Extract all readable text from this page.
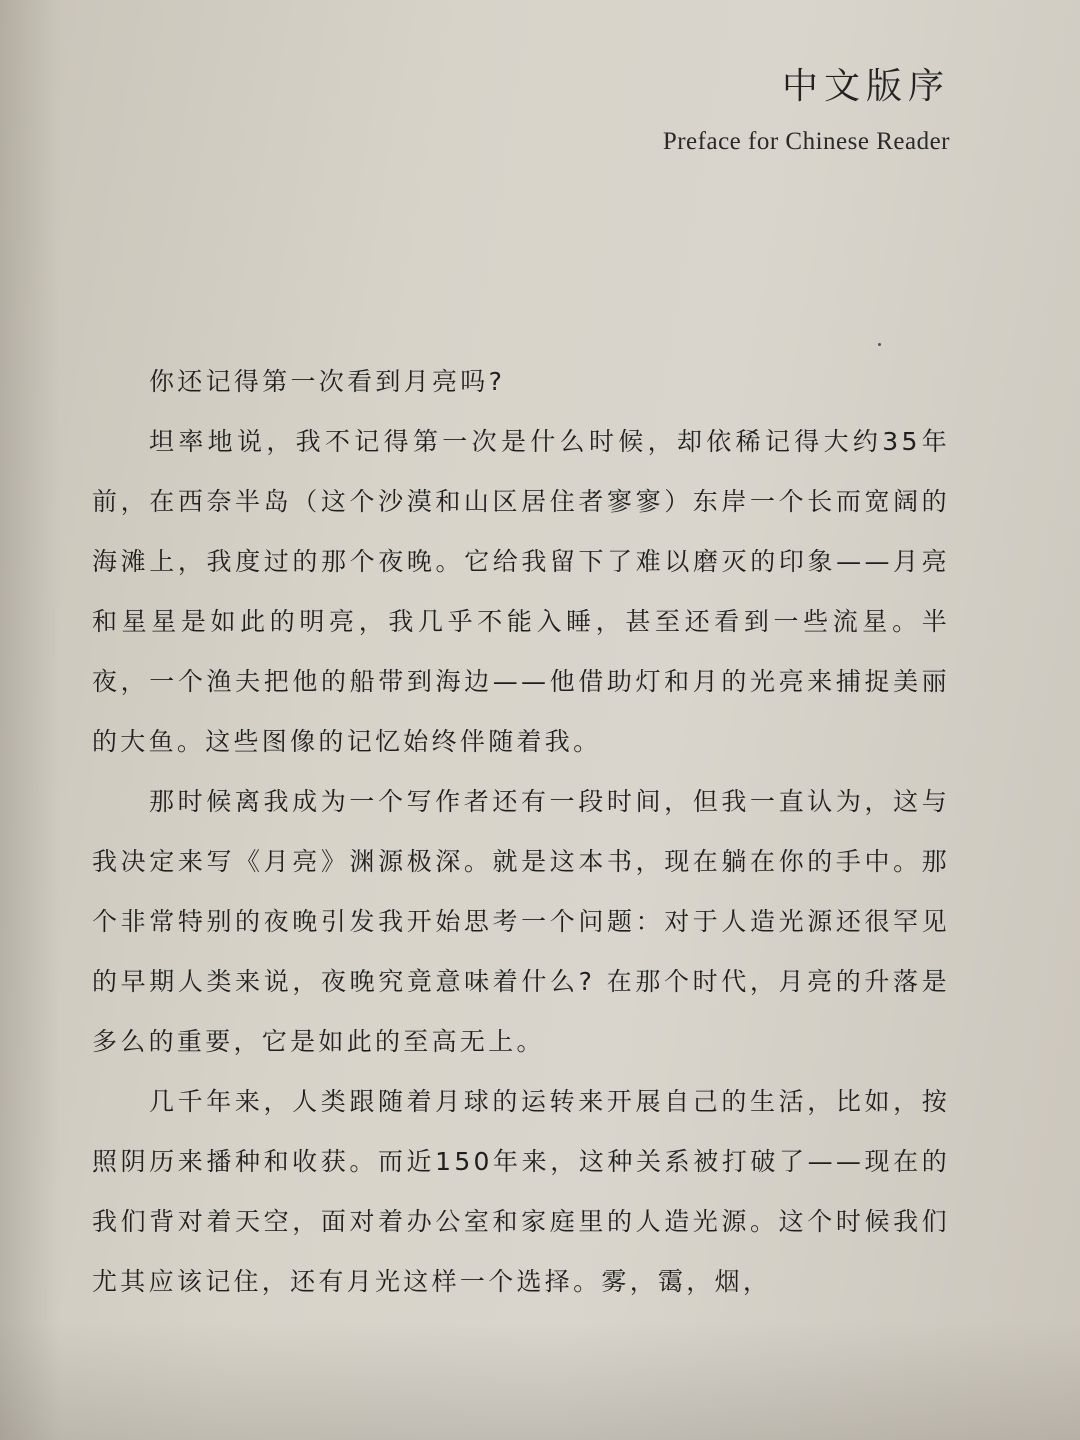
中文版序
Preface for Chinese Reader

你还记得第一次看到月亮吗?

坦率地说，我不记得第一次是什么时候，却依稀记得大约35年前，在西奈半岛（这个沙漠和山区居住者寥寥）东岸一个长而宽阔的海滩上，我度过的那个夜晚。它给我留下了难以磨灭的印象——月亮和星星是如此的明亮，我几乎不能入睡，甚至还看到一些流星。半夜，一个渔夫把他的船带到海边——他借助灯和月的光亮来捕捉美丽的大鱼。这些图像的记忆始终伴随着我。

那时候离我成为一个写作者还有一段时间，但我一直认为，这与我决定来写《月亮》渊源极深。就是这本书，现在躺在你的手中。那个非常特别的夜晚引发我开始思考一个问题：对于人造光源还很罕见的早期人类来说，夜晚究竟意味着什么? 在那个时代，月亮的升落是多么的重要，它是如此的至高无上。

几千年来，人类跟随着月球的运转来开展自己的生活，比如，按照阴历来播种和收获。而近150年来，这种关系被打破了——现在的我们背对着天空，面对着办公室和家庭里的人造光源。这个时候我们尤其应该记住，还有月光这样一个选择。雾，霭，烟，
